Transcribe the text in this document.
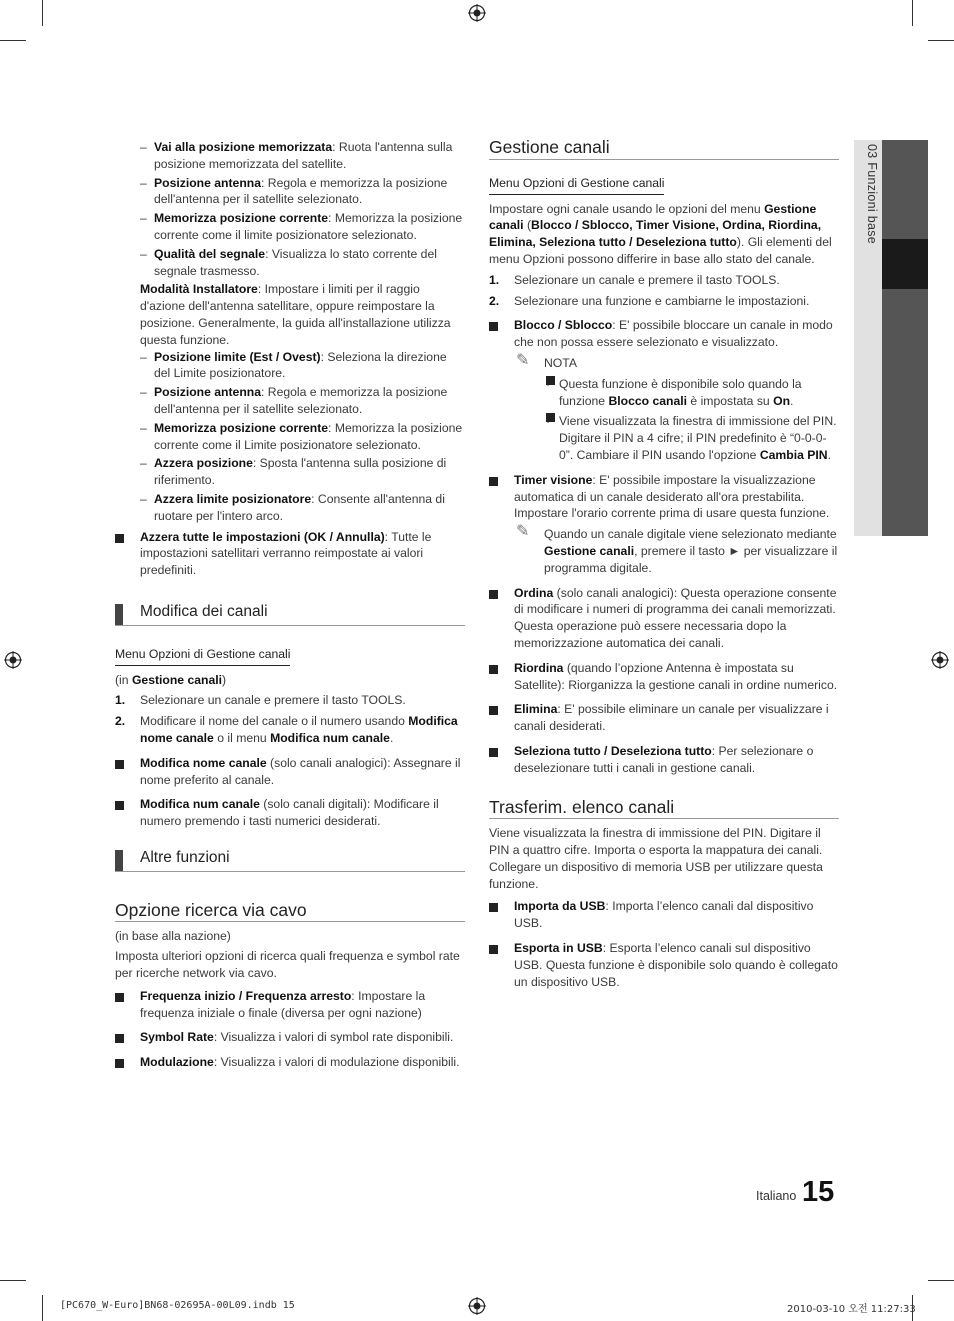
03 Funzioni base
– Vai alla posizione memorizzata: Ruota l'antenna sulla posizione memorizzata del satellite.
– Posizione antenna: Regola e memorizza la posizione dell'antenna per il satellite selezionato.
– Memorizza posizione corrente: Memorizza la posizione corrente come il limite posizionatore selezionato.
– Qualità del segnale: Visualizza lo stato corrente del segnale trasmesso.

Modalità Installatore: Impostare i limiti per il raggio d'azione dell'antenna satellitare, oppure reimpostare la posizione. Generalmente, la guida all'installazione utilizza questa funzione.

– Posizione limite (Est / Ovest): Seleziona la direzione del Limite posizionatore.
– Posizione antenna: Regola e memorizza la posizione dell'antenna per il satellite selezionato.
– Memorizza posizione corrente: Memorizza la posizione corrente come il Limite posizionatore selezionato.
– Azzera posizione: Sposta l'antenna sulla posizione di riferimento.
– Azzera limite posizionatore: Consente all'antenna di ruotare per l'intero arco.
Azzera tutte le impostazioni (OK / Annulla): Tutte le impostazioni satellitari verranno reimpostate ai valori predefiniti.
Modifica dei canali
Menu Opzioni di Gestione canali

(in Gestione canali)

1. Selezionare un canale e premere il tasto TOOLS.
2. Modificare il nome del canale o il numero usando Modifica nome canale o il menu Modifica num canale.
Modifica nome canale (solo canali analogici): Assegnare il nome preferito al canale.
Modifica num canale (solo canali digitali): Modificare il numero premendo i tasti numerici desiderati.
Altre funzioni
Opzione ricerca via cavo

(in base alla nazione)

Imposta ulteriori opzioni di ricerca quali frequenza e symbol rate per ricerche network via cavo.

Frequenza inizio / Frequenza arresto: Impostare la frequenza iniziale o finale (diversa per ogni nazione)
Symbol Rate: Visualizza i valori di symbol rate disponibili.
Modulazione: Visualizza i valori di modulazione disponibili.
Gestione canali
Menu Opzioni di Gestione canali

Impostare ogni canale usando le opzioni del menu Gestione canali (Blocco / Sblocco, Timer Visione, Ordina, Riordina, Elimina, Seleziona tutto / Deseleziona tutto). Gli elementi del menu Opzioni possono differire in base allo stato del canale.

1. Selezionare un canale e premere il tasto TOOLS.
2. Selezionare una funzione e cambiarne le impostazioni.
Blocco / Sblocco: E' possibile bloccare un canale in modo che non possa essere selezionato e visualizzato.
✎ NOTA
• Questa funzione è disponibile solo quando la funzione Blocco canali è impostata su On.
• Viene visualizzata la finestra di immissione del PIN. Digitare il PIN a 4 cifre; il PIN predefinito è “0-0-0-0”. Cambiare il PIN usando l'opzione Cambia PIN.
Timer visione: E' possibile impostare la visualizzazione automatica di un canale desiderato all'ora prestabilita. Impostare l'orario corrente prima di usare questa funzione.
✎ Quando un canale digitale viene selezionato mediante Gestione canali, premere il tasto ► per visualizzare il programma digitale.
Ordina (solo canali analogici): Questa operazione consente di modificare i numeri di programma dei canali memorizzati. Questa operazione può essere necessaria dopo la memorizzazione automatica dei canali.
Riordina (quando l’opzione Antenna è impostata su Satellite): Riorganizza la gestione canali in ordine numerico.
Elimina: E' possibile eliminare un canale per visualizzare i canali desiderati.
Seleziona tutto / Deseleziona tutto: Per selezionare o deselezionare tutti i canali in gestione canali.
Trasferim. elenco canali

Viene visualizzata la finestra di immissione del PIN. Digitare il PIN a quattro cifre. Importa o esporta la mappatura dei canali. Collegare un dispositivo di memoria USB per utilizzare questa funzione.

Importa da USB: Importa l’elenco canali dal dispositivo USB.
Esporta in USB: Esporta l’elenco canali sul dispositivo USB. Questa funzione è disponibile solo quando è collegato un dispositivo USB.
Italiano 15
[PC670_W-Euro]BN68-02695A-00L09.indb 15	2010-03-10 오전 11:27:33
